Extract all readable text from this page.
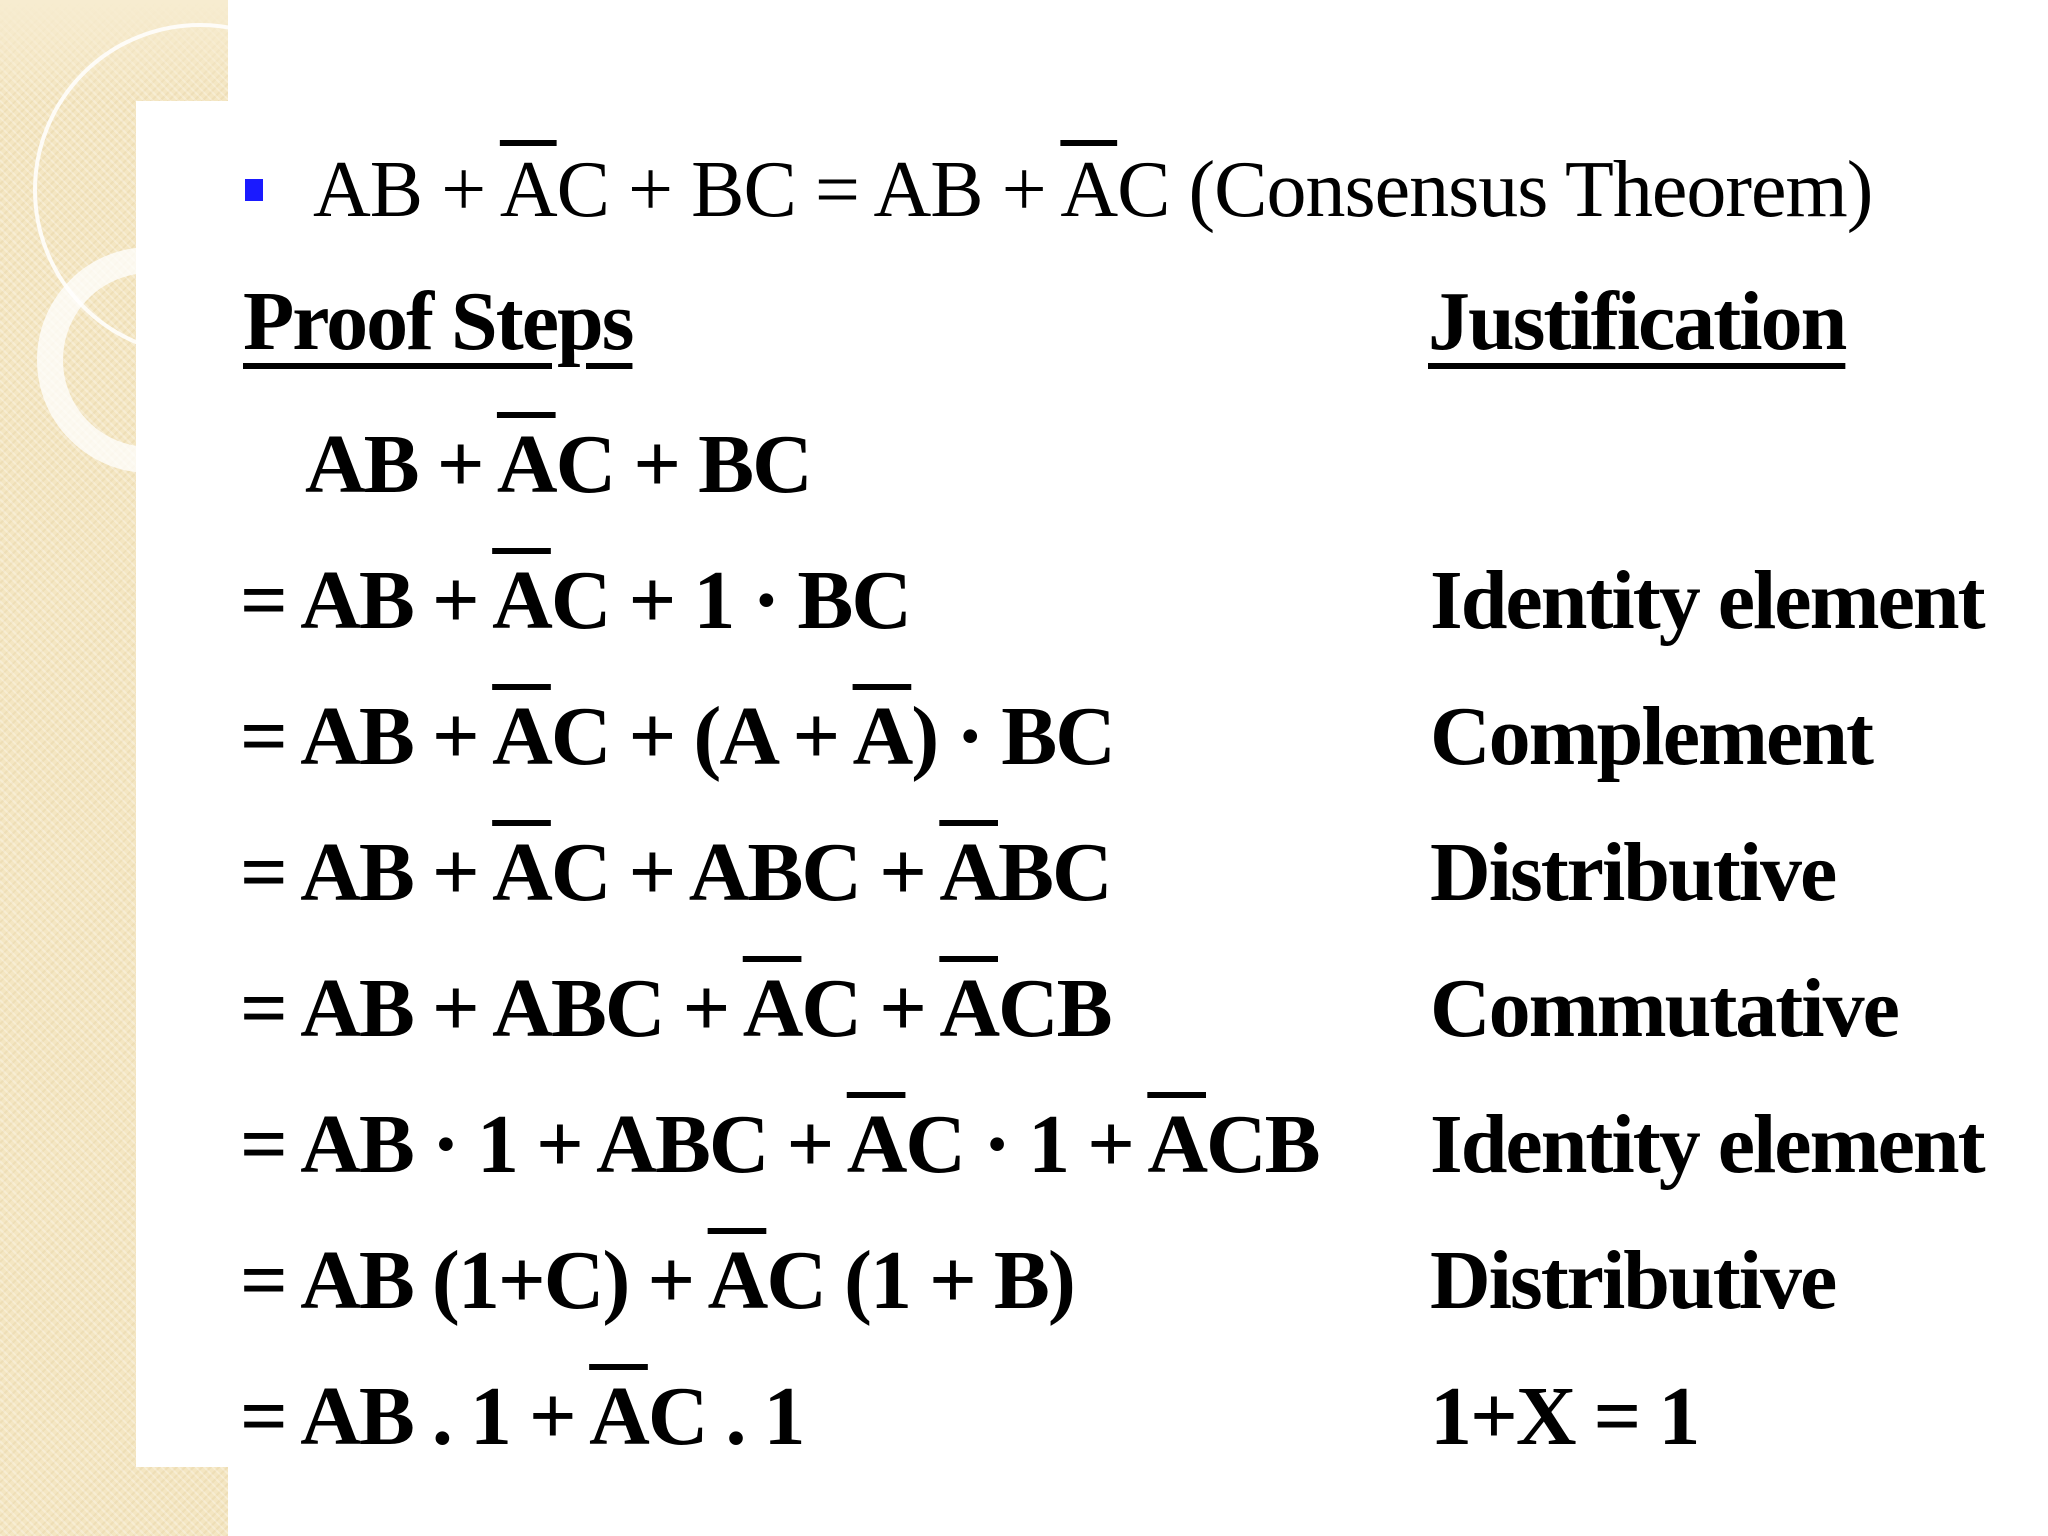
AB + $\overline{A}C$ + BC = AB + $\overline{A}C$ (Consensus Theorem)
Proof Steps	Justification
AB + $\overline{A}C$ + BC
= AB + $\overline{A}C + 1$ · BC	Identity element
= AB + $\overline{A}C + (A + \overline{A})$ · BC	Complement
= AB + $\overline{A}C$ + ABC + $\overline{A}BC$	Distributive
= AB + ABC + $\overline{A}C + \overline{A}CB$	Commutative
= AB · 1 + ABC + $\overline{A}C \cdot 1 + \overline{A}CB$ Identity element
= AB $(1+C) + \overline{A}C$ (1 + B)	Distributive
= AB . $1 + \overline{A}C$ . 1	1+X = 1
